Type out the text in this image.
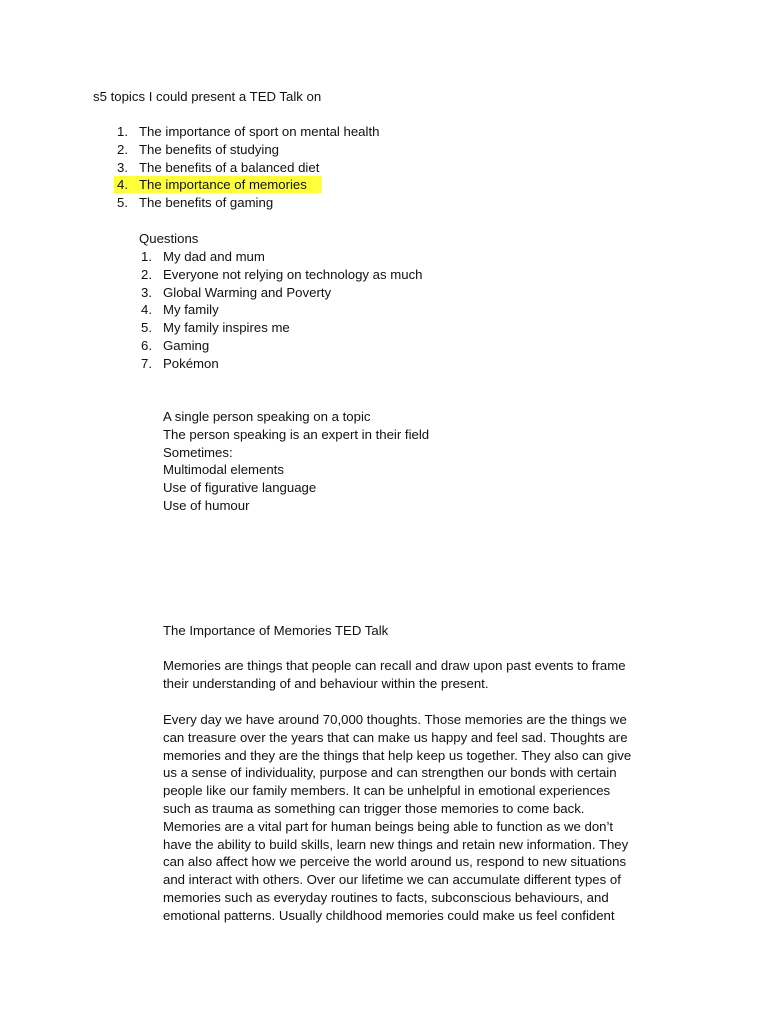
s5 topics I could present a TED Talk on
1. The importance of sport on mental health
2. The benefits of studying
3. The benefits of a balanced diet
4. The importance of memories
5. The benefits of gaming
Questions
1. My dad and mum
2. Everyone not relying on technology as much
3. Global Warming and Poverty
4. My family
5. My family inspires me
6. Gaming
7. Pokémon
A single person speaking on a topic
The person speaking is an expert in their field
Sometimes:
Multimodal elements
Use of figurative language
Use of humour
The Importance of Memories TED Talk
Memories are things that people can recall and draw upon past events to frame
their understanding of and behaviour within the present.
Every day we have around 70,000 thoughts. Those memories are the things we
can treasure over the years that can make us happy and feel sad. Thoughts are
memories and they are the things that help keep us together. They also can give
us a sense of individuality, purpose and can strengthen our bonds with certain
people like our family members. It can be unhelpful in emotional experiences
such as trauma as something can trigger those memories to come back.
Memories are a vital part for human beings being able to function as we don’t
have the ability to build skills, learn new things and retain new information. They
can also affect how we perceive the world around us, respond to new situations
and interact with others. Over our lifetime we can accumulate different types of
memories such as everyday routines to facts, subconscious behaviours, and
emotional patterns. Usually childhood memories could make us feel confident
